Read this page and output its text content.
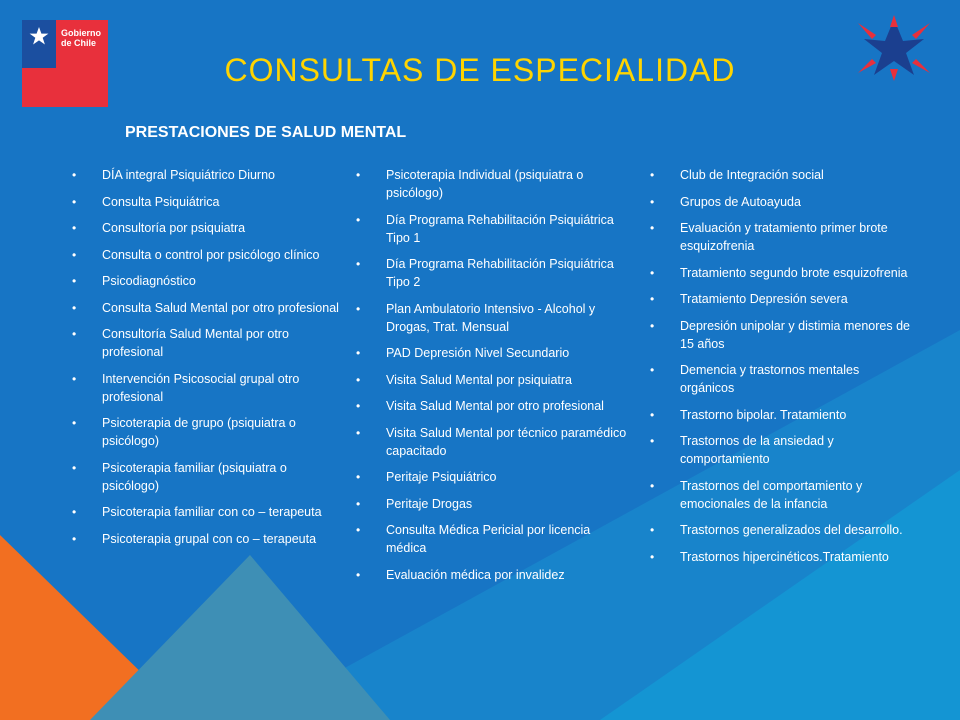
Gobierno
de Chile
CONSULTAS DE ESPECIALIDAD
PRESTACIONES DE SALUD MENTAL
• DÍA integral Psiquiátrico Diurno
• Consulta Psiquiátrica
• Consultoría por psiquiatra
• Consulta o control por psicólogo clínico
• Psicodiagnóstico
• Consulta Salud Mental por otro profesional
• Consultoría Salud Mental por otro profesional
• Intervención Psicosocial grupal otro profesional
• Psicoterapia de grupo (psiquiatra o psicólogo)
• Psicoterapia familiar (psiquiatra o psicólogo)
• Psicoterapia familiar con co – terapeuta
• Psicoterapia grupal con co – terapeuta
• Psicoterapia Individual (psiquiatra o psicólogo)
• Día Programa Rehabilitación Psiquiátrica Tipo 1
• Día Programa Rehabilitación Psiquiátrica Tipo 2
• Plan Ambulatorio Intensivo - Alcohol y Drogas, Trat. Mensual
• PAD Depresión Nivel Secundario
• Visita Salud Mental por psiquiatra
• Visita Salud Mental por otro profesional
• Visita Salud Mental por técnico paramédico capacitado
• Peritaje Psiquiátrico
• Peritaje Drogas
• Consulta Médica Pericial por licencia médica
• Evaluación médica por invalidez
• Club de Integración social
• Grupos de Autoayuda
• Evaluación y tratamiento primer brote esquizofrenia
• Tratamiento segundo brote esquizofrenia
• Tratamiento Depresión severa
• Depresión unipolar y distimia menores de 15 años
• Demencia y trastornos mentales orgánicos
• Trastorno bipolar. Tratamiento
• Trastornos de la ansiedad y comportamiento
• Trastornos del comportamiento y emocionales de la infancia
• Trastornos generalizados del desarrollo.
• Trastornos hipercinéticos.Tratamiento
